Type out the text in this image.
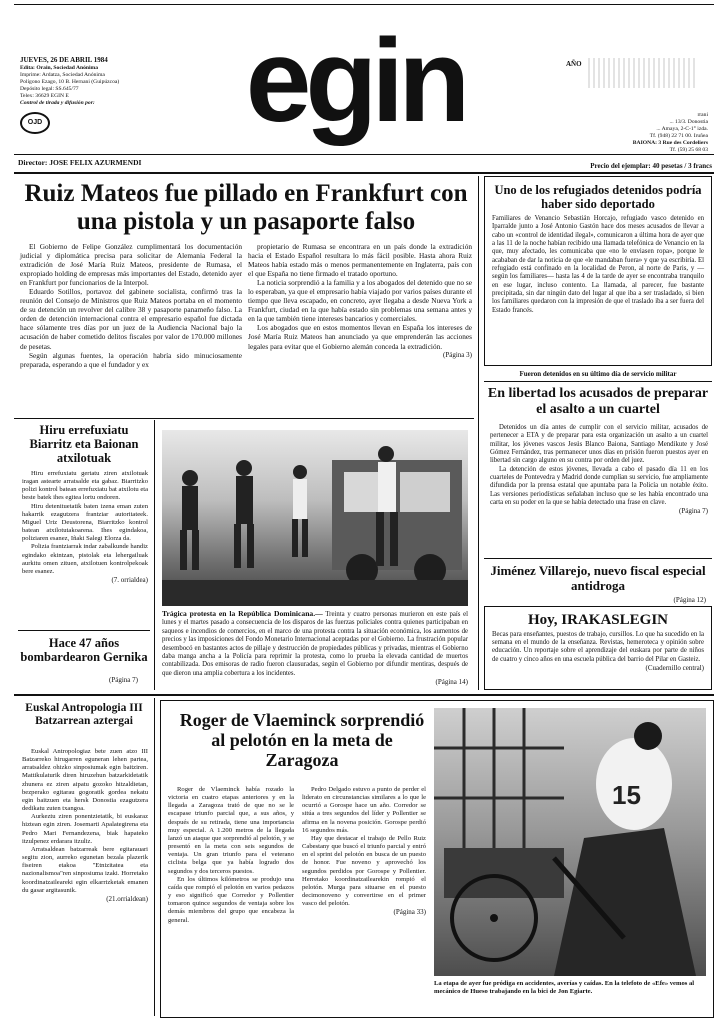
JUEVES, 26 DE ABRIL 1984
Edita: Orain, Sociedad Anónima
Imprime: Ardatza, Sociedad Anónima
Polígono Ezago, 10 B. Hernani (Guipúzcoa)
Depósito legal: SS.645/77
Telex: 36629 EGIN E
Control de tirada y difusión por:
OJD egin	AÑO
rrani
... 13/3. Donostia
... Amaya, 2-C-1° izda.
Tf. (948) 22 71 00. Iruñea
BAIONA: 3 Rue des Cordeliers
Tf. (59) 25 68 03
Director: JOSE FELIX AZURMENDI	Precio del ejemplar: 40 pesetas / 3 francs
Ruiz Mateos fue pillado en Frankfurt con una pistola y un pasaporte falso

El Gobierno de Felipe González cumplimentará los documentación judicial y diplomática precisa para solicitar de Alemania Federal la extradición de José María Ruiz Mateos, presidente de Rumasa, el expropiado holding de empresas más importantes del Estado, detenido ayer en Frankfurt por funcionarios de la Interpol.

Eduardo Sotillos, portavoz del gabinete socialista, confirmó tras la reunión del Consejo de Ministros que Ruiz Mateos portaba en el momento de su detención un revolver del calibre 38 y pasaporte panameño falso. La orden de detención internacional contra el empresario español fue dictada hace sólamente tres días por un juez de la Audiencia Nacional bajo la acusación de haber cometido delitos fiscales por valor de 170.000 millones de pesetas.

Según algunas fuentes, la operación habría sido minuciosamente preparada, esperando a que el fundador y ex

propietario de Rumasa se encontrara en un país donde la extradición hacia el Estado Español resultara lo más fácil posible. Hasta ahora Ruiz Mateos había estado más o menos permanentemente en Inglaterra, país con el que España no tiene firmado el tratado oportuno.

La noticia sorprendió a la familia y a los abogados del detenido que no se lo esperaban, ya que el empresario había viajado por varios países durante el tiempo que lleva escapado, en concreto, ayer llegaba a desde Nueva York a Frankfurt, ciudad en la que había estado sin problemas una semana antes y en la que también tiene intereses bancarios y comerciales.

Los abogados que en estos momentos llevan en España los intereses de José María Ruiz Mateos han anunciado ya que emprenderán las acciones legales para evitar que el Gobierno alemán conceda la extradición.

(Página 3)
Uno de los refugiados detenidos podría haber sido deportado
Familiares de Venancio Sebastián Horcajo, refugiado vasco detenido en Iparralde junto a José Antonio Gastón hace dos meses acusados de llevar a cabo un «control de identidad ilegal», comunicaron a última hora de ayer que a las 11 de la noche habían recibido una llamada telefónica de Venancio en la que, muy afectado, les comunicaba que «no le enviasen ropa», porque le acababan de dar la noticia de que «le mandaban fuera» y que ya escribiría. El refugiado está confinado en la localidad de Peron, al norte de Paris, y —según los familiares— hasta las 4 de la tarde de ayer se encontraba tranquilo en ese lugar, incluso contento. La llamada, al parecer, fue bastante precipitada, sin dar ningún dato del lugar al que iba a ser trasladado, si bien los familiares quedaron con la impresión de que el traslado iba a ser fuera del Estado francés.
Fueron detenidos en su último día de servicio militar
En libertad los acusados de preparar el asalto a un cuartel

Detenidos un día antes de cumplir con el servicio militar, acusados de pertenecer a ETA y de preparar para esta organización un asalto a un cuartel militar, los jóvenes vascos Jesús Blanco Baiona, Santiago Mendikute y José Gómez Fernández, tras permanecer unos días en prisión fueron puestos ayer en libertad sin cargo alguno en su contra por orden del juez.

La detención de estos jóvenes, llevada a cabo el pasado día 11 en los cuarteles de Pontevedra y Madrid donde cumplían su servicio, fue ampliamente difundida por la prensa estatal que apuntaba para la Policía un notable éxito. Las versiones periodísticas señalaban incluso que se les había encontrado una carta en su poder en la que se había detectado una frase en clave.

(Página 7)
Jiménez Villarejo, nuevo fiscal especial antidroga
(Página 12)
Hoy, IRAKASLEGIN
Becas para enseñantes, puestos de trabajo, cursillos. Lo que ha sucedido en la semana en el mundo de la enseñanza. Revistas, hemeroteca y opinión sobre educación. Un reportaje sobre el aprendizaje del euskara por parte de niños de cuatro y cinco años en una escuela pública del barrio del Pilar en Gasteiz.
(Cuadernillo central)
Hiru errefuxiatu Biarritz eta Baionan atxilotuak

Hiru errefuxiatu gertatu ziren atxilotuak iragan asteartе arratsalde eta gabaz. Biarritzko polizi kontrol batean errefuxiatu bat atxilotu eta beste batek ihes egitea lortu ondoren.

Hiru detenituetatik baten izena eman zuten hakarrik ezagutzera frantziar autoritateek. Miguel Uriz Deustorena, Biarritzko kontrol batean atxilotutakoarena. Ihes egindakoa, poliziaren esanez, Iñaki Salegi Elorza da.

Polizia frantziarrak indar zabalkunde handiz egindako ekintzan, pistolak eta lehergailuak aurkitu omen zituen, atxilotuen kontrolpekoak bere esanez.

(7. orrialdea)
Hace 47 años bombardearon Gernika
(Página 7)
Trágica protesta en la República Dominicana.— Treinta y cuatro personas murieron en este país el lunes y el martes pasado a consecuencia de los disparos de las fuerzas policiales contra quienes participaban en saqueos e incendios de comercios, en el marco de una protesta contra la situación económica, los aumentos de precios y las imposiciones del Fondo Monetario Internacional aceptadas por el Gobierno. La frustración popular desembocó en bastantes actos de pillaje y destrucción de propiedades públicas y privadas, mientras el Gobierno daba manga ancha a la Policía para reprimir la protesta, como lo prueba la elevada cantidad de muertos contabilizada. Dos emisoras de radio fueron clausuradas, según el Gobierno por difundir mentiras, después de que dieron una amplia cobertura a los incidentes.
(Página 14)
Euskal Antropologia III Batzarrean aztergai

Euskal Antropologiaz bete zuen atzo III Batzarreko hirugarren eguneran lehen partea, arratsaldez ohizko sinposiumak egin baitziren. Mattikulaturik diren hiruzehun batzarkidetatik zhunera ez ziren aipatu gozoko hitzaldietan, bezperako egitarau gogoratik gordea nekatu egin baitzuen eta hersk Donostia ezagutzera dedikatu zuten txangoa.

Aurkeztu ziren ponentzietatik, bi euskaraz hiztean egin ziren. Josemarti Apalategirena eta Pedro Mari Fernandezena, biak hapateko itzulpenez erdarara itzuliz.

Arratsaldean batzarreak bere egitarauari segitu zion, aurreko egunetan bezala plazerik fiseiren etakoa "Etnizitatea eta nazionalismoa"ren sinposiuma izaki. Horretako koordinatzaileareki egin elkarrizketak emanen du gasar argitasunik.

(21.orrialdean)
Roger de Vlaeminck sorprendió al pelotón en la meta de Zaragoza

Roger de Vlaeminck había rozado la victoria en cuatro etapas anteriores y en la llegada a Zaragoza trató de que no se le escapase triunfo parcial que, a sus años, y después de su retirada, tiene una importancia muy especial. A 1.200 metros de la llegada lanzó un ataque que sorprendió al pelotón, y se presentó en la meta con seis segundos de ventaja. Un gran triunfo para el veterano ciclista belga que ya había logrado dos segundos y dos terceros puestos.

En los últimos kilómetros se produjo una caída que rompió el pelotón en varios pedazos y eso significó que Corredor y Pollentier tomaron quince segundos de ventaja sobre los demás miembros del grupo que encabeza la general.

Pedro Delgado estuvo a punto de perder el liderato en circunstancias similares a lo que le ocurrió a Gorospe hace un año. Corredor se sitúa a tres segundos del líder y Pollentier se afirma en la novena posición. Gorospe perdió 16 segundos más.

Hay que destacar el trabajo de Pello Ruiz Cabestany que buscó el triunfo parcial y entró en el sprint del pelotón en busca de un puesto de honor. Fue noveno y aprovechó los segundos perdidos por Gorospe y Pollentier. Herretako koordinatzailearekin rompió el pelotón. Murga para situarse en el puesto decimonoveno y convertirse en el primer vasco del pelotón.

(Página 33)
15
La etapa de ayer fue pródiga en accidentes, averías y caídas. En la telefoto de «Efe» vemos al mecánico de Hueso trabajando en la bici de Jon Egiarte.
